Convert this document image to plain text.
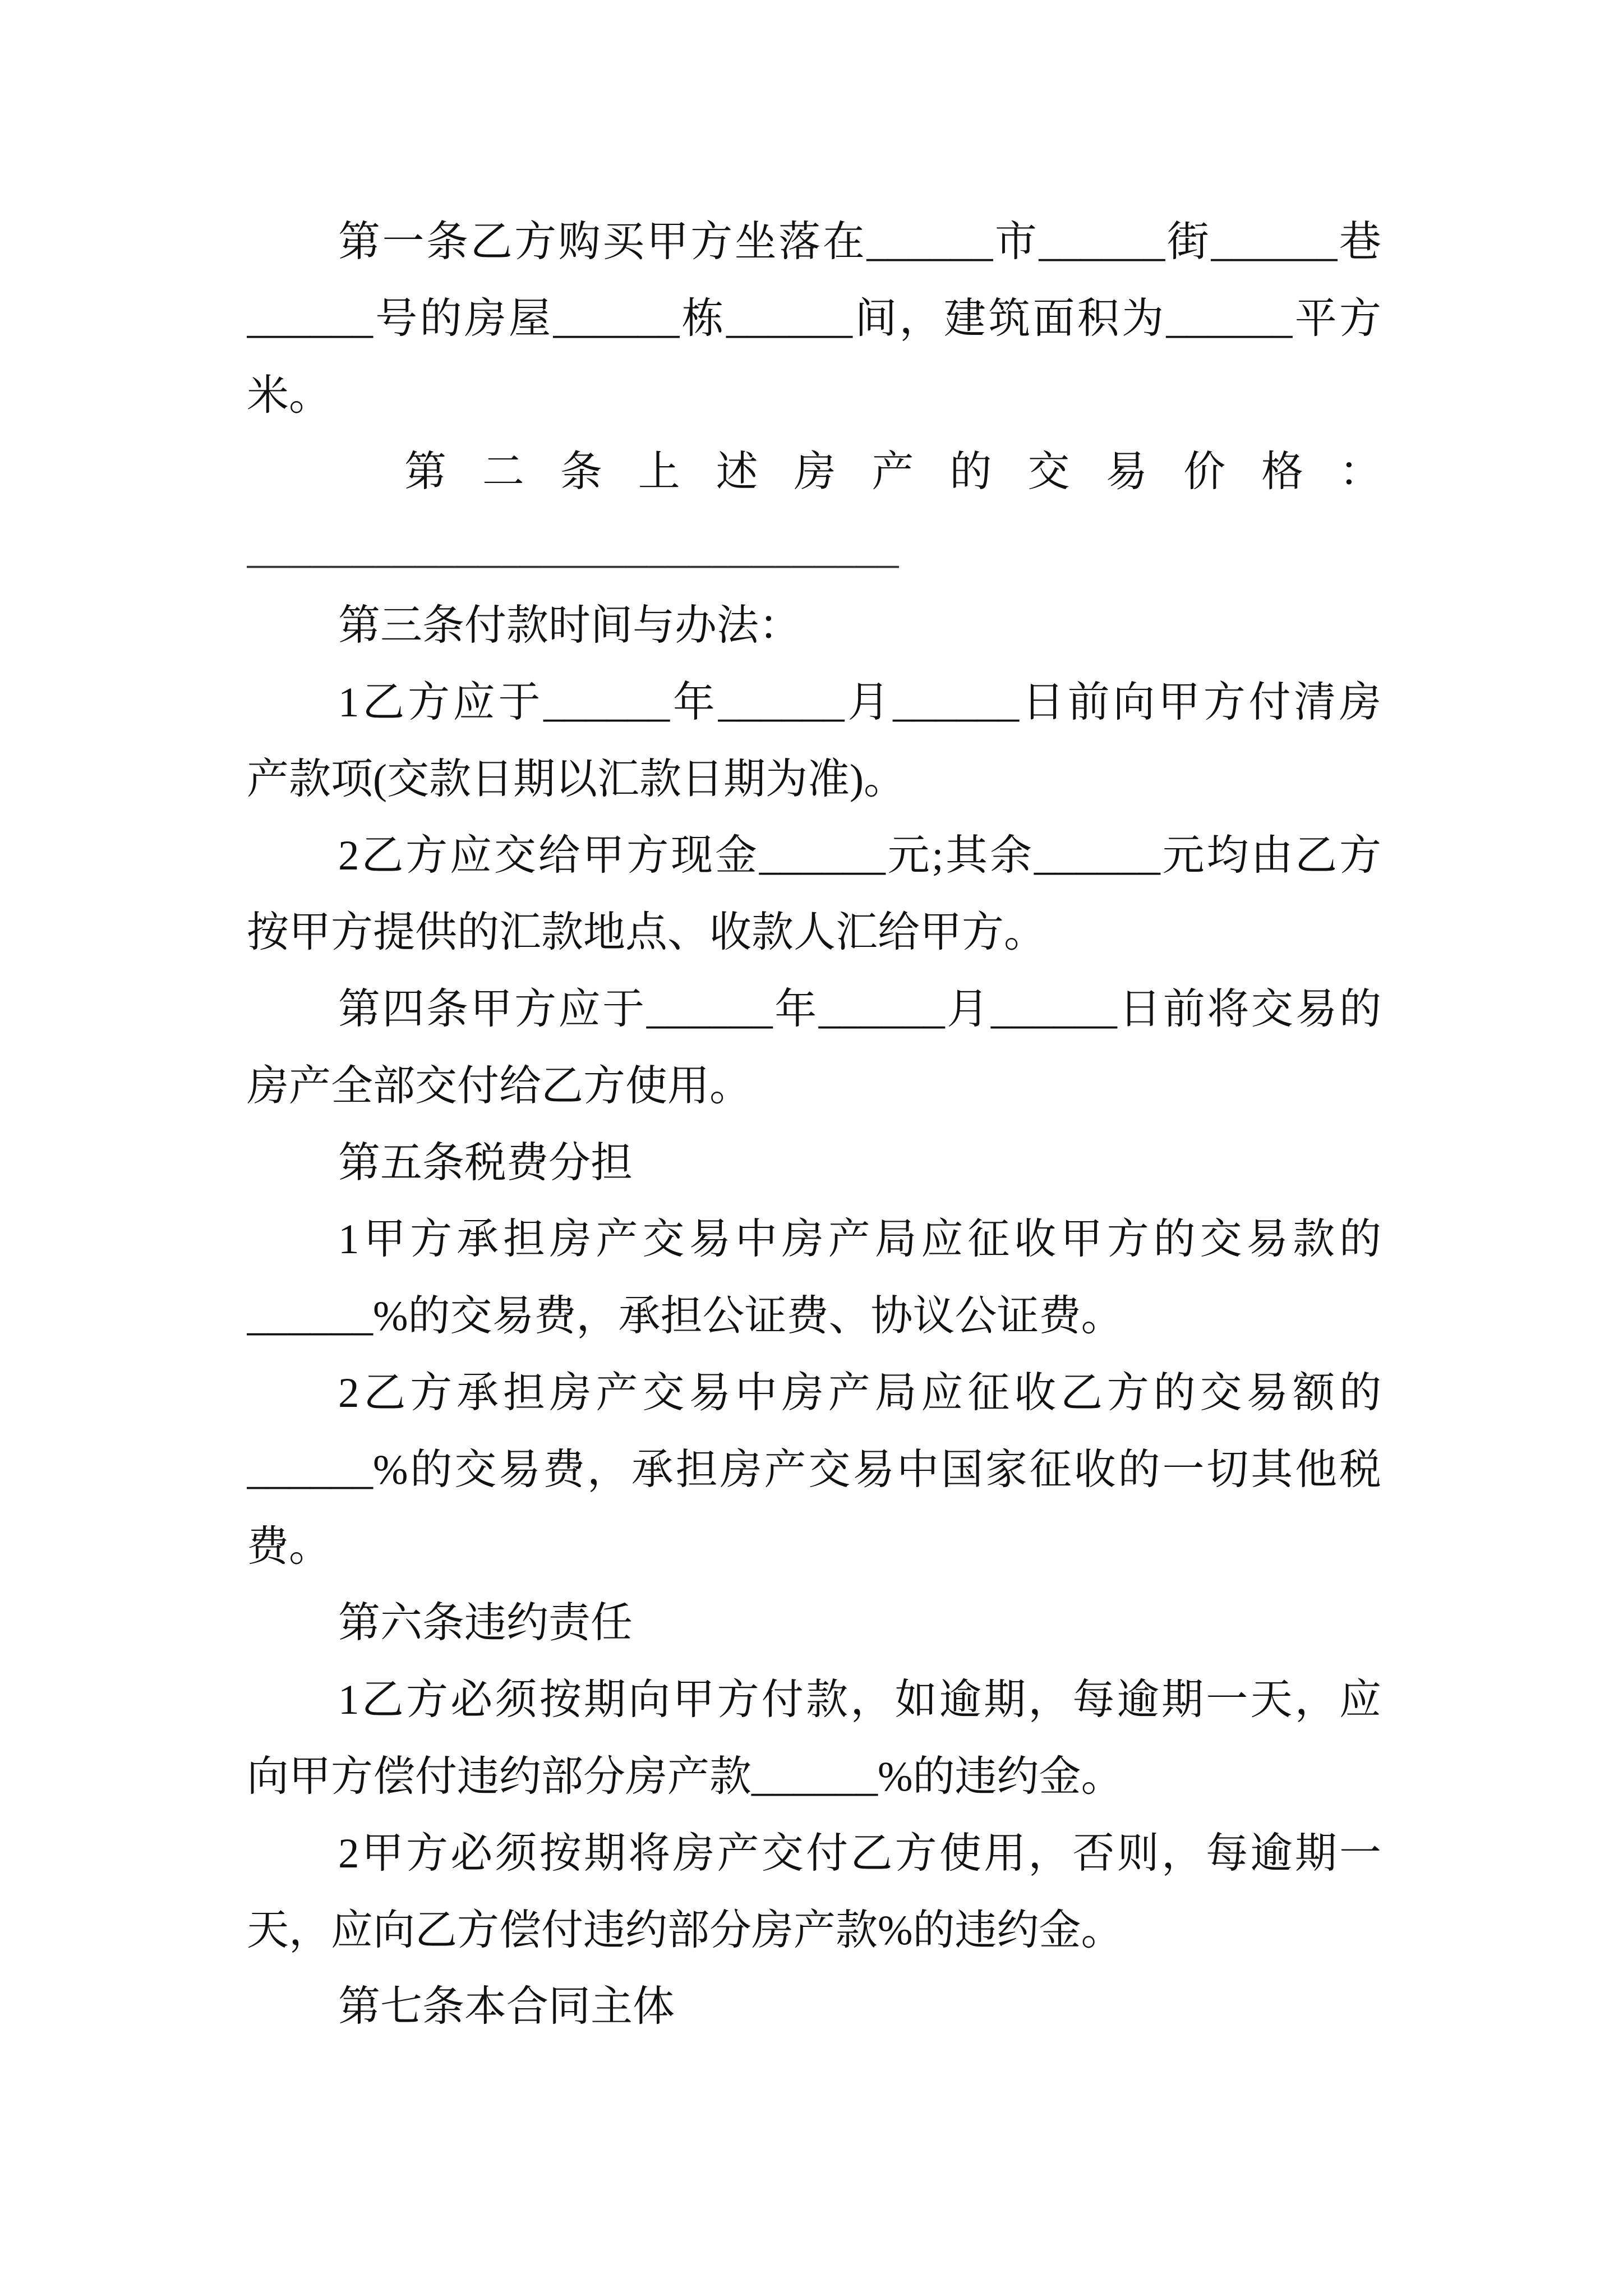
第一条乙方购买甲方坐落在______市______街______巷
______号的房屋______栋______间，建筑面积为______平方
米。
第二条上述房产的交易价格：
_______________________________
第三条付款时间与办法：
1乙方应于______年______月______日前向甲方付清房
产款项(交款日期以汇款日期为准)。
2乙方应交给甲方现金______元;其余______元均由乙方
按甲方提供的汇款地点、收款人汇给甲方。
第四条甲方应于______年______月______日前将交易的
房产全部交付给乙方使用。
第五条税费分担
1甲方承担房产交易中房产局应征收甲方的交易款的
______%的交易费，承担公证费、协议公证费。
2乙方承担房产交易中房产局应征收乙方的交易额的
______%的交易费，承担房产交易中国家征收的一切其他税
费。
第六条违约责任
1乙方必须按期向甲方付款，如逾期，每逾期一天，应
向甲方偿付违约部分房产款______%的违约金。
2甲方必须按期将房产交付乙方使用，否则，每逾期一
天，应向乙方偿付违约部分房产款%的违约金。
第七条本合同主体
